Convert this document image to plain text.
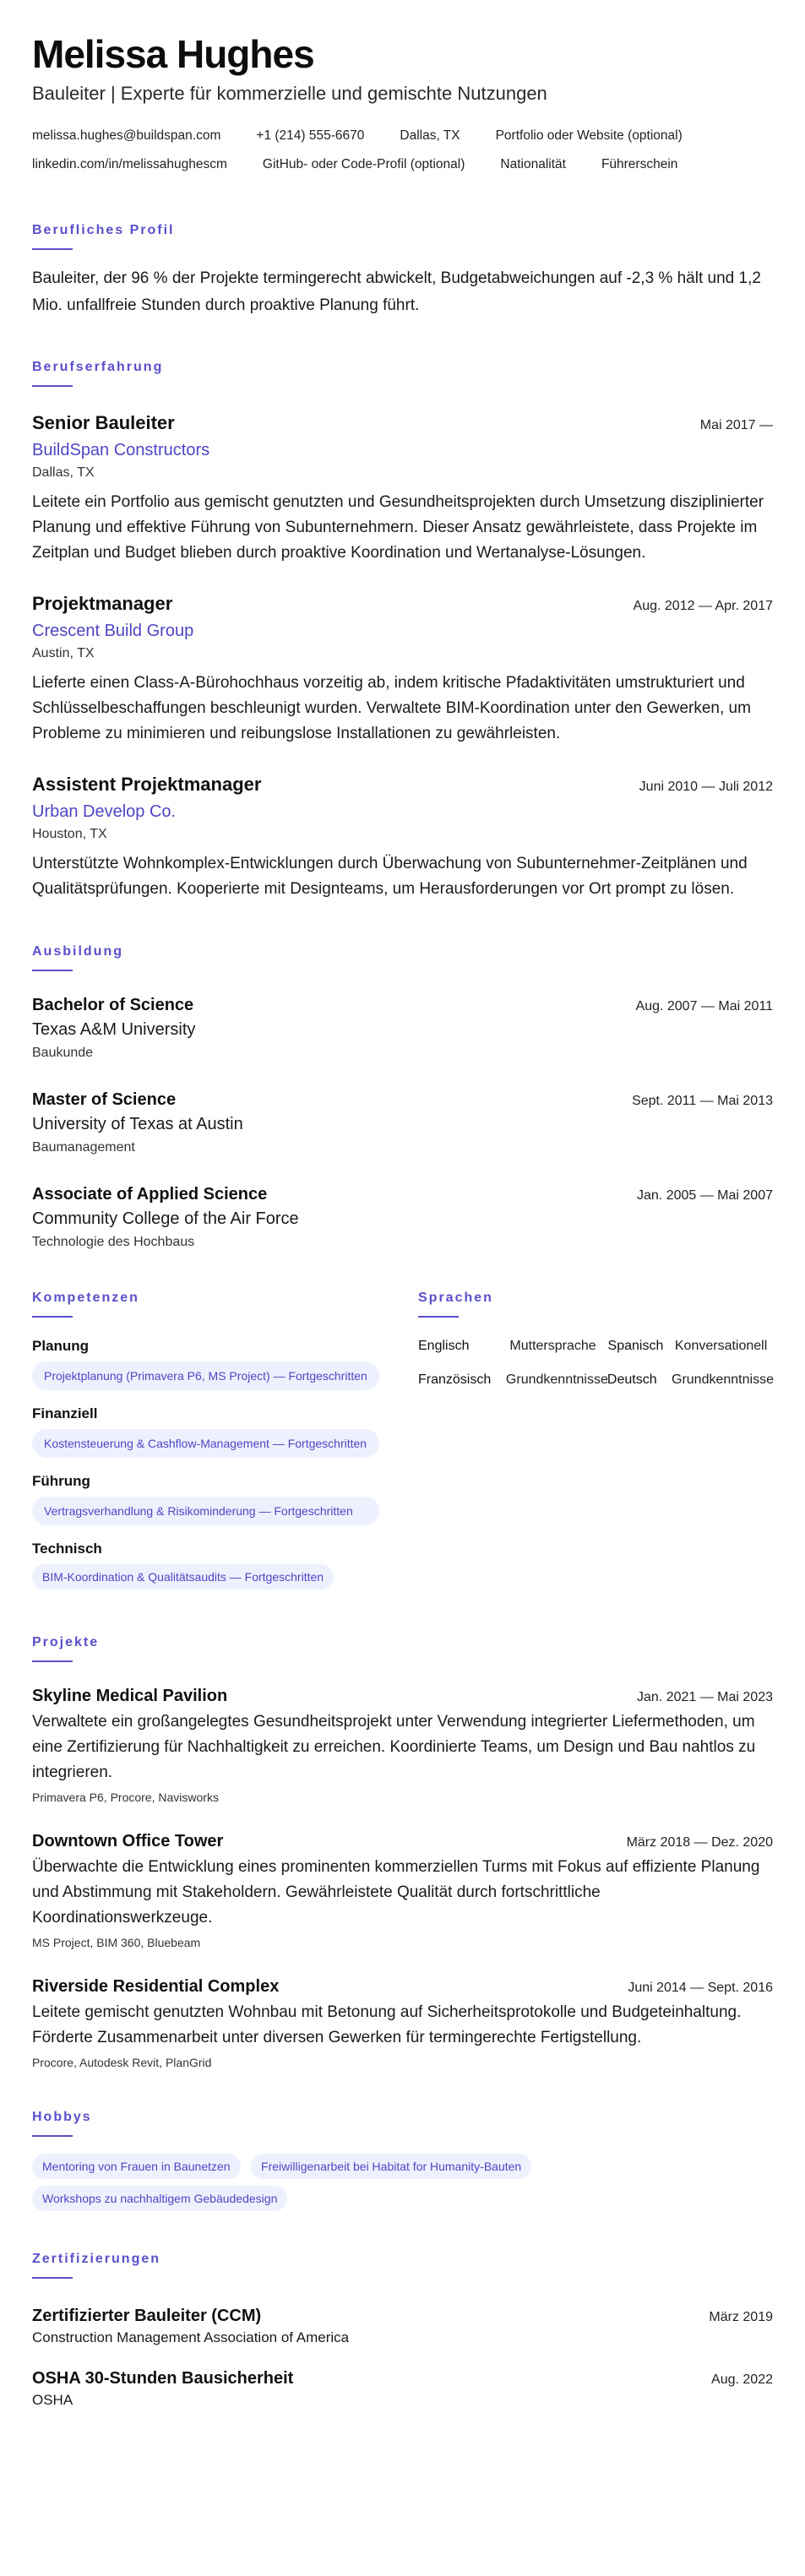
Melissa Hughes
Bauleiter | Experte für kommerzielle und gemischte Nutzungen
melissa.hughes@buildspan.com	+1 (214) 555-6670	Dallas, TX	Portfolio oder Website (optional)
linkedin.com/in/melissahughescm	GitHub- oder Code-Profil (optional)	Nationalität	Führerschein
Berufliches Profil

Bauleiter, der 96 % der Projekte termingerecht abwickelt, Budgetabweichungen auf -2,3 % hält und 1,2 Mio. unfallfreie Stunden durch proaktive Planung führt.

Berufserfahrung
Senior Bauleiter	Mai 2017 —
BuildSpan Constructors
Dallas, TX
Leitete ein Portfolio aus gemischt genutzten und Gesundheitsprojekten durch Umsetzung disziplinierter Planung und effektive Führung von Subunternehmern. Dieser Ansatz gewährleistete, dass Projekte im Zeitplan und Budget blieben durch proaktive Koordination und Wertanalyse-Lösungen.
Projektmanager	Aug. 2012 — Apr. 2017
Crescent Build Group
Austin, TX
Lieferte einen Class-A-Bürohochhaus vorzeitig ab, indem kritische Pfadaktivitäten umstrukturiert und Schlüsselbeschaffungen beschleunigt wurden. Verwaltete BIM-Koordination unter den Gewerken, um Probleme zu minimieren und reibungslose Installationen zu gewährleisten.
Assistent Projektmanager	Juni 2010 — Juli 2012
Urban Develop Co.
Houston, TX
Unterstützte Wohnkomplex-Entwicklungen durch Überwachung von Subunternehmer-Zeitplänen und Qualitätsprüfungen. Kooperierte mit Designteams, um Herausforderungen vor Ort prompt zu lösen.
Ausbildung
Bachelor of Science	Aug. 2007 — Mai 2011
Texas A&M University
Baukunde
Master of Science	Sept. 2011 — Mai 2013
University of Texas at Austin
Baumanagement
Associate of Applied Science	Jan. 2005 — Mai 2007
Community College of the Air Force
Technologie des Hochbaus
Kompetenzen
Planung
Projektplanung (Primavera P6, MS Project) — Fortgeschritten
Finanziell
Kostensteuerung & Cashflow-Management — Fortgeschritten
Führung
Vertragsverhandlung & Risikominderung — Fortgeschritten
Technisch
BIM-Koordination & Qualitätsaudits — Fortgeschritten
Sprachen
Englisch	Muttersprache Spanisch Konversationell
Französisch	Grundkenntnisse Deutsch	Grundkenntnisse
Projekte
Skyline Medical Pavilion	Jan. 2021 — Mai 2023
Verwaltete ein großangelegtes Gesundheitsprojekt unter Verwendung integrierter Liefermethoden, um eine Zertifizierung für Nachhaltigkeit zu erreichen. Koordinierte Teams, um Design und Bau nahtlos zu integrieren.
Primavera P6, Procore, Navisworks
Downtown Office Tower	März 2018 — Dez. 2020
Überwachte die Entwicklung eines prominenten kommerziellen Turms mit Fokus auf effiziente Planung und Abstimmung mit Stakeholdern. Gewährleistete Qualität durch fortschrittliche Koordinationswerkzeuge.
MS Project, BIM 360, Bluebeam
Riverside Residential Complex	Juni 2014 — Sept. 2016
Leitete gemischt genutzten Wohnbau mit Betonung auf Sicherheitsprotokolle und Budgeteinhaltung. Förderte Zusammenarbeit unter diversen Gewerken für termingerechte Fertigstellung.
Procore, Autodesk Revit, PlanGrid
Hobbys
Mentoring von Frauen in Baunetzen	Freiwilligenarbeit bei Habitat for Humanity-Bauten Workshops zu nachhaltigem Gebäudedesign
Zertifizierungen
Zertifizierter Bauleiter (CCM)	März 2019
Construction Management Association of America
OSHA 30-Stunden Bausicherheit	Aug. 2022
OSHA
